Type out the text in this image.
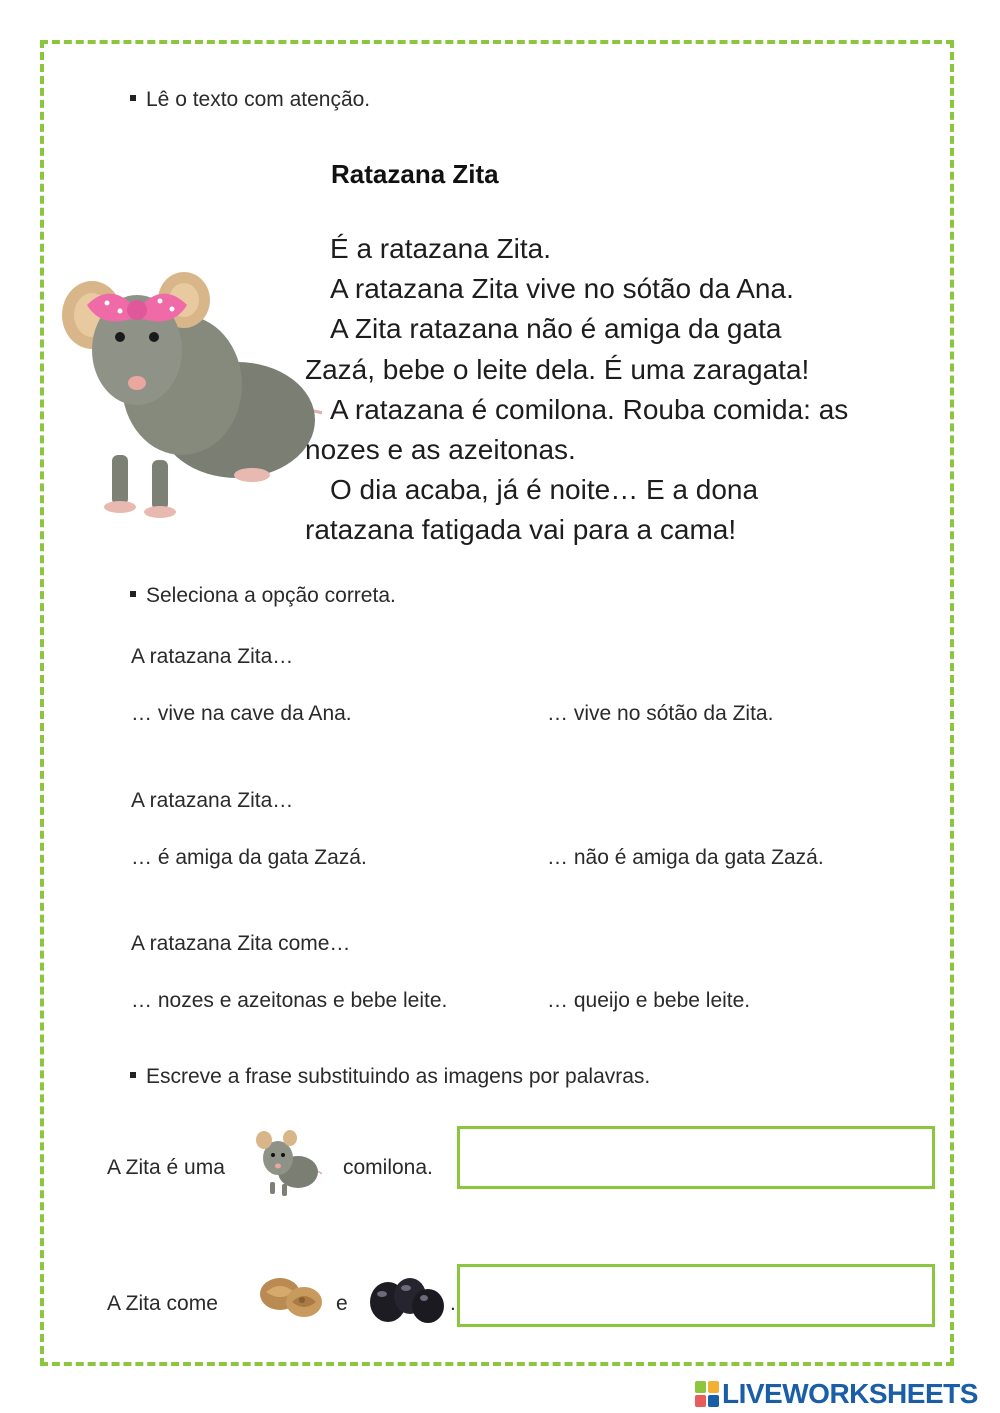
Lê o texto com atenção.
Ratazana Zita

É a ratazana Zita.

A ratazana Zita vive no sótão da Ana.

A Zita ratazana não é amiga da gata

Zazá, bebe o leite dela. É uma zaragata!

A ratazana é comilona. Rouba comida: as

nozes e as azeitonas.

O dia acaba, já é noite… E a dona

ratazana fatigada vai para a cama!

Seleciona a opção correta.
A ratazana Zita…
… vive na cave da Ana.	… vive no sótão da Zita.
A ratazana Zita…
… é amiga da gata Zazá.	… não é amiga da gata Zazá.
A ratazana Zita come…
… nozes e azeitonas e bebe leite.	… queijo e bebe leite.
Escreve a frase substituindo as imagens por palavras.
A Zita é uma	comilona.
A Zita come	e	.
LIVEWORKSHEETS
